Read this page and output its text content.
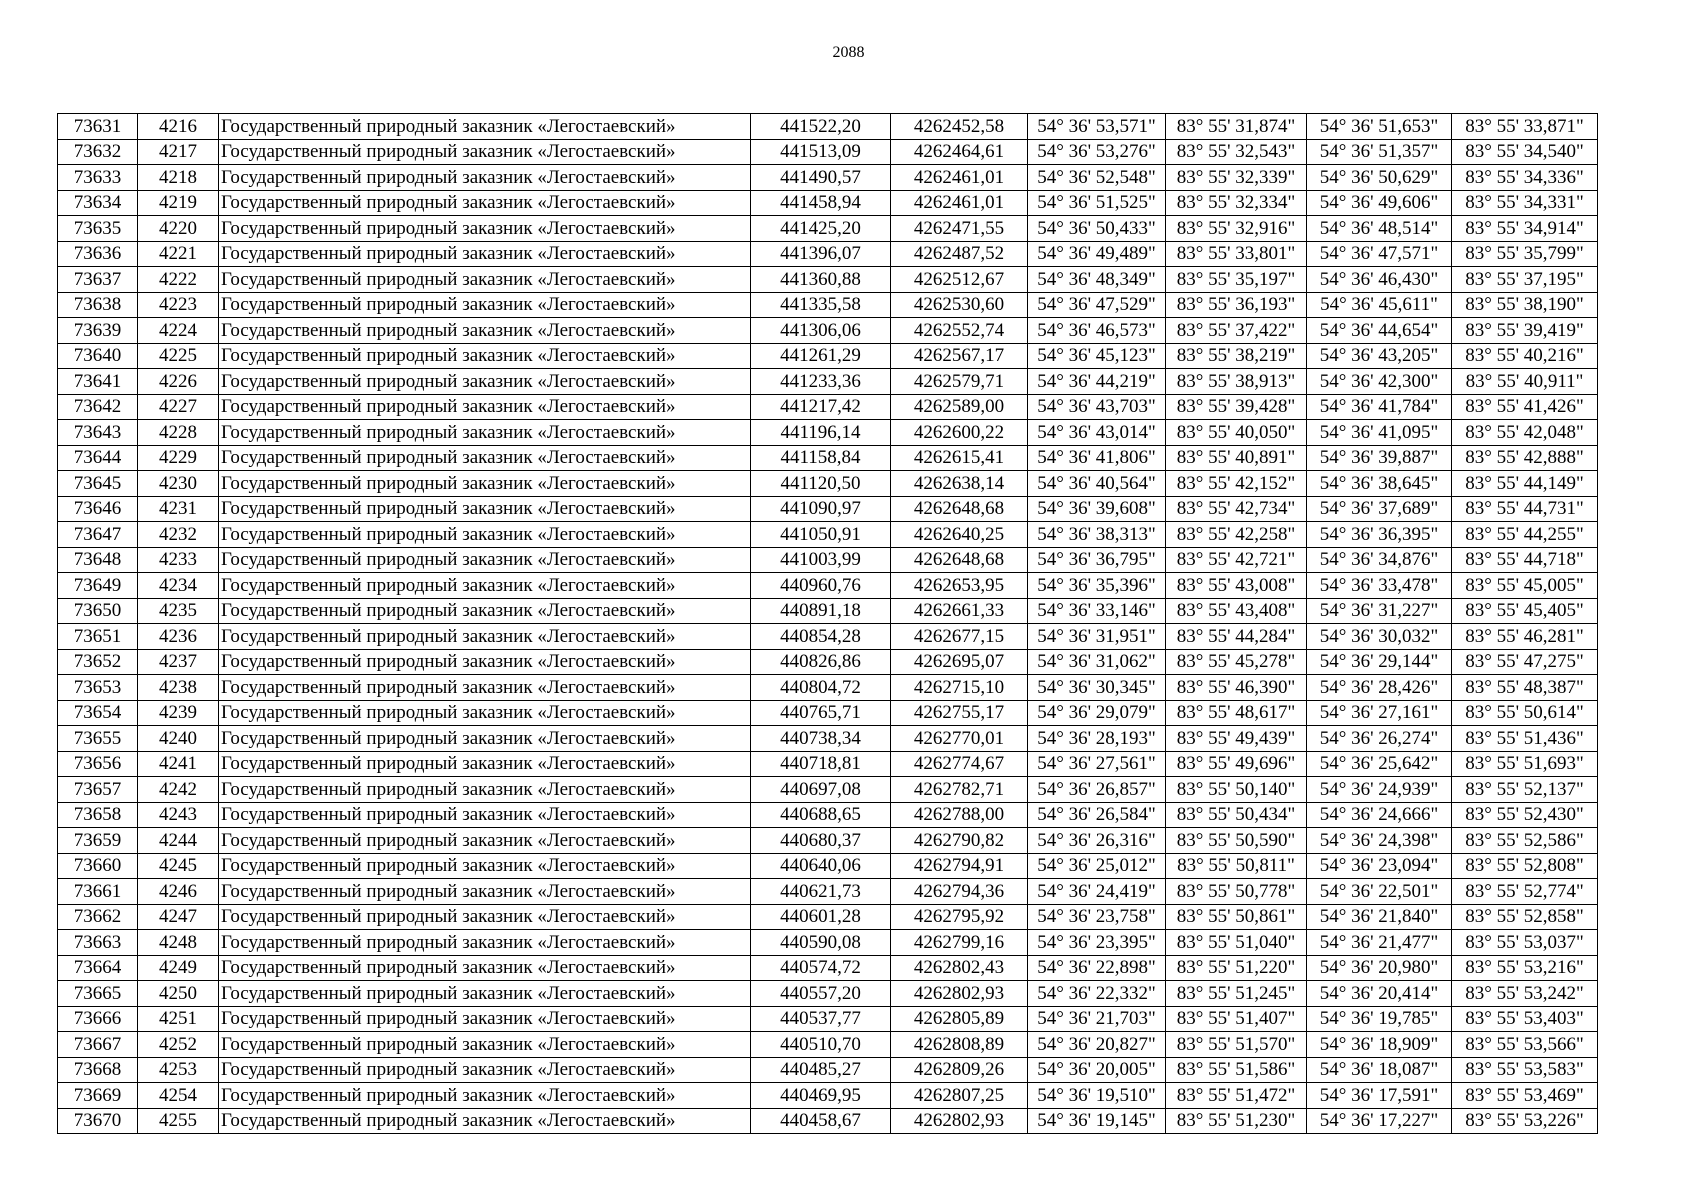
2088
73631	4216	Государственный природный заказник «Легостаевский»	441522,20	4262452,58	54° 36' 53,571"	83° 55' 31,874"	54° 36' 51,653"	83° 55' 33,871"
73632	4217	Государственный природный заказник «Легостаевский»	441513,09	4262464,61	54° 36' 53,276"	83° 55' 32,543"	54° 36' 51,357"	83° 55' 34,540"
73633	4218	Государственный природный заказник «Легостаевский»	441490,57	4262461,01	54° 36' 52,548"	83° 55' 32,339"	54° 36' 50,629"	83° 55' 34,336"
73634	4219	Государственный природный заказник «Легостаевский»	441458,94	4262461,01	54° 36' 51,525"	83° 55' 32,334"	54° 36' 49,606"	83° 55' 34,331"
73635	4220	Государственный природный заказник «Легостаевский»	441425,20	4262471,55	54° 36' 50,433"	83° 55' 32,916"	54° 36' 48,514"	83° 55' 34,914"
73636	4221	Государственный природный заказник «Легостаевский»	441396,07	4262487,52	54° 36' 49,489"	83° 55' 33,801"	54° 36' 47,571"	83° 55' 35,799"
73637	4222	Государственный природный заказник «Легостаевский»	441360,88	4262512,67	54° 36' 48,349"	83° 55' 35,197"	54° 36' 46,430"	83° 55' 37,195"
73638	4223	Государственный природный заказник «Легостаевский»	441335,58	4262530,60	54° 36' 47,529"	83° 55' 36,193"	54° 36' 45,611"	83° 55' 38,190"
73639	4224	Государственный природный заказник «Легостаевский»	441306,06	4262552,74	54° 36' 46,573"	83° 55' 37,422"	54° 36' 44,654"	83° 55' 39,419"
73640	4225	Государственный природный заказник «Легостаевский»	441261,29	4262567,17	54° 36' 45,123"	83° 55' 38,219"	54° 36' 43,205"	83° 55' 40,216"
73641	4226	Государственный природный заказник «Легостаевский»	441233,36	4262579,71	54° 36' 44,219"	83° 55' 38,913"	54° 36' 42,300"	83° 55' 40,911"
73642	4227	Государственный природный заказник «Легостаевский»	441217,42	4262589,00	54° 36' 43,703"	83° 55' 39,428"	54° 36' 41,784"	83° 55' 41,426"
73643	4228	Государственный природный заказник «Легостаевский»	441196,14	4262600,22	54° 36' 43,014"	83° 55' 40,050"	54° 36' 41,095"	83° 55' 42,048"
73644	4229	Государственный природный заказник «Легостаевский»	441158,84	4262615,41	54° 36' 41,806"	83° 55' 40,891"	54° 36' 39,887"	83° 55' 42,888"
73645	4230	Государственный природный заказник «Легостаевский»	441120,50	4262638,14	54° 36' 40,564"	83° 55' 42,152"	54° 36' 38,645"	83° 55' 44,149"
73646	4231	Государственный природный заказник «Легостаевский»	441090,97	4262648,68	54° 36' 39,608"	83° 55' 42,734"	54° 36' 37,689"	83° 55' 44,731"
73647	4232	Государственный природный заказник «Легостаевский»	441050,91	4262640,25	54° 36' 38,313"	83° 55' 42,258"	54° 36' 36,395"	83° 55' 44,255"
73648	4233	Государственный природный заказник «Легостаевский»	441003,99	4262648,68	54° 36' 36,795"	83° 55' 42,721"	54° 36' 34,876"	83° 55' 44,718"
73649	4234	Государственный природный заказник «Легостаевский»	440960,76	4262653,95	54° 36' 35,396"	83° 55' 43,008"	54° 36' 33,478"	83° 55' 45,005"
73650	4235	Государственный природный заказник «Легостаевский»	440891,18	4262661,33	54° 36' 33,146"	83° 55' 43,408"	54° 36' 31,227"	83° 55' 45,405"
73651	4236	Государственный природный заказник «Легостаевский»	440854,28	4262677,15	54° 36' 31,951"	83° 55' 44,284"	54° 36' 30,032"	83° 55' 46,281"
73652	4237	Государственный природный заказник «Легостаевский»	440826,86	4262695,07	54° 36' 31,062"	83° 55' 45,278"	54° 36' 29,144"	83° 55' 47,275"
73653	4238	Государственный природный заказник «Легостаевский»	440804,72	4262715,10	54° 36' 30,345"	83° 55' 46,390"	54° 36' 28,426"	83° 55' 48,387"
73654	4239	Государственный природный заказник «Легостаевский»	440765,71	4262755,17	54° 36' 29,079"	83° 55' 48,617"	54° 36' 27,161"	83° 55' 50,614"
73655	4240	Государственный природный заказник «Легостаевский»	440738,34	4262770,01	54° 36' 28,193"	83° 55' 49,439"	54° 36' 26,274"	83° 55' 51,436"
73656	4241	Государственный природный заказник «Легостаевский»	440718,81	4262774,67	54° 36' 27,561"	83° 55' 49,696"	54° 36' 25,642"	83° 55' 51,693"
73657	4242	Государственный природный заказник «Легостаевский»	440697,08	4262782,71	54° 36' 26,857"	83° 55' 50,140"	54° 36' 24,939"	83° 55' 52,137"
73658	4243	Государственный природный заказник «Легостаевский»	440688,65	4262788,00	54° 36' 26,584"	83° 55' 50,434"	54° 36' 24,666"	83° 55' 52,430"
73659	4244	Государственный природный заказник «Легостаевский»	440680,37	4262790,82	54° 36' 26,316"	83° 55' 50,590"	54° 36' 24,398"	83° 55' 52,586"
73660	4245	Государственный природный заказник «Легостаевский»	440640,06	4262794,91	54° 36' 25,012"	83° 55' 50,811"	54° 36' 23,094"	83° 55' 52,808"
73661	4246	Государственный природный заказник «Легостаевский»	440621,73	4262794,36	54° 36' 24,419"	83° 55' 50,778"	54° 36' 22,501"	83° 55' 52,774"
73662	4247	Государственный природный заказник «Легостаевский»	440601,28	4262795,92	54° 36' 23,758"	83° 55' 50,861"	54° 36' 21,840"	83° 55' 52,858"
73663	4248	Государственный природный заказник «Легостаевский»	440590,08	4262799,16	54° 36' 23,395"	83° 55' 51,040"	54° 36' 21,477"	83° 55' 53,037"
73664	4249	Государственный природный заказник «Легостаевский»	440574,72	4262802,43	54° 36' 22,898"	83° 55' 51,220"	54° 36' 20,980"	83° 55' 53,216"
73665	4250	Государственный природный заказник «Легостаевский»	440557,20	4262802,93	54° 36' 22,332"	83° 55' 51,245"	54° 36' 20,414"	83° 55' 53,242"
73666	4251	Государственный природный заказник «Легостаевский»	440537,77	4262805,89	54° 36' 21,703"	83° 55' 51,407"	54° 36' 19,785"	83° 55' 53,403"
73667	4252	Государственный природный заказник «Легостаевский»	440510,70	4262808,89	54° 36' 20,827"	83° 55' 51,570"	54° 36' 18,909"	83° 55' 53,566"
73668	4253	Государственный природный заказник «Легостаевский»	440485,27	4262809,26	54° 36' 20,005"	83° 55' 51,586"	54° 36' 18,087"	83° 55' 53,583"
73669	4254	Государственный природный заказник «Легостаевский»	440469,95	4262807,25	54° 36' 19,510"	83° 55' 51,472"	54° 36' 17,591"	83° 55' 53,469"
73670	4255	Государственный природный заказник «Легостаевский»	440458,67	4262802,93	54° 36' 19,145"	83° 55' 51,230"	54° 36' 17,227"	83° 55' 53,226"
